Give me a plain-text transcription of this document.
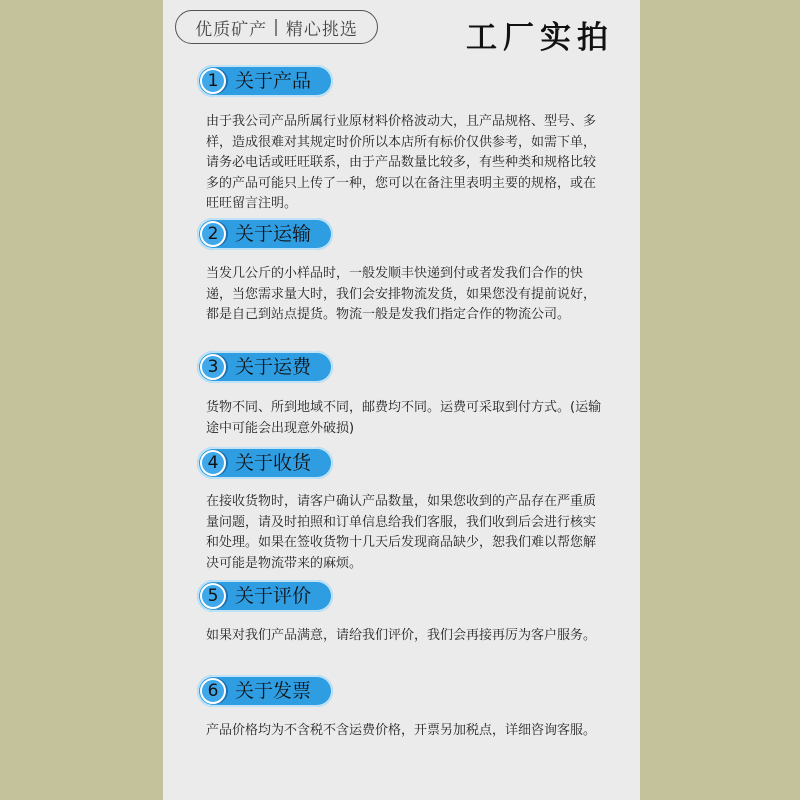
优质矿产 | 精心挑选	工厂实拍
1 关于产品
由于我公司产品所属行业原材料价格波动大，且产品规格、型号、多样，造成很难对其规定时价所以本店所有标价仅供参考，如需下单，请务必电话或旺旺联系，由于产品数量比较多，有些种类和规格比较多的产品可能只上传了一种，您可以在备注里表明主要的规格，或在旺旺留言注明。
2 关于运输
当发几公斤的小样品时，一般发顺丰快递到付或者发我们合作的快递，当您需求量大时，我们会安排物流发货，如果您没有提前说好，都是自己到站点提货。物流一般是发我们指定合作的物流公司。
3 关于运费
货物不同、所到地域不同，邮费均不同。运费可采取到付方式。(运输途中可能会出现意外破损)
4 关于收货
在接收货物时，请客户确认产品数量，如果您收到的产品存在严重质量问题，请及时拍照和订单信息给我们客服，我们收到后会进行核实和处理。如果在签收货物十几天后发现商品缺少，恕我们难以帮您解决可能是物流带来的麻烦。
5 关于评价
如果对我们产品满意，请给我们评价，我们会再接再厉为客户服务。
6 关于发票
产品价格均为不含税不含运费价格，开票另加税点，详细咨询客服。
